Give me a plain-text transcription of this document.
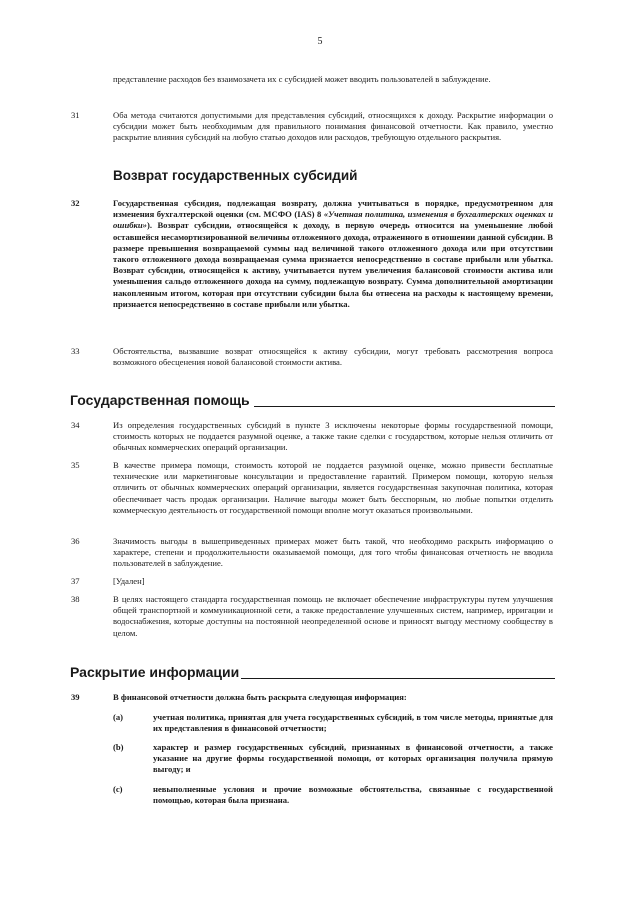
5
представление расходов без взаимозачета их с субсидией может вводить пользователей в заблуждение.
31	Оба метода считаются допустимыми для представления субсидий, относящихся к доходу. Раскрытие информации о субсидии может быть необходимым для правильного понимания финансовой отчетности. Как правило, уместно раскрытие влияния субсидий на любую статью доходов или расходов, требующую отдельного раскрытия.
Возврат государственных субсидий
32	Государственная субсидия, подлежащая возврату, должна учитываться в порядке, предусмотренном для изменения бухгалтерской оценки (см. МСФО (IAS) 8 «Учетная политика, изменения в бухгалтерских оценках и ошибки»). Возврат субсидии, относящейся к доходу, в первую очередь относится на уменьшение любой оставшейся несамортизированной величины отложенного дохода, отраженного в отношении данной субсидии. В размере превышения возвращаемой суммы над величиной такого отложенного дохода или при отсутствии такого отложенного дохода возвращаемая сумма признается непосредственно в составе прибыли или убытка. Возврат субсидии, относящейся к активу, учитывается путем увеличения балансовой стоимости актива или уменьшения сальдо отложенного дохода на сумму, подлежащую возврату. Сумма дополнительной амортизации накопленным итогом, которая при отсутствии субсидии была бы отнесена на расходы к настоящему времени, признается непосредственно в составе прибыли или убытка.
33	Обстоятельства, вызвавшие возврат относящейся к активу субсидии, могут требовать рассмотрения вопроса возможного обесценения новой балансовой стоимости актива.
Государственная помощь
34	Из определения государственных субсидий в пункте 3 исключены некоторые формы государственной помощи, стоимость которых не поддается разумной оценке, а также такие сделки с государством, которые нельзя отличить от обычных коммерческих операций организации.
35	В качестве примера помощи, стоимость которой не поддается разумной оценке, можно привести бесплатные технические или маркетинговые консультации и предоставление гарантий. Примером помощи, которую нельзя отличить от обычных коммерческих операций организации, является государственная закупочная политика, которая обеспечивает часть продаж организации. Наличие выгоды может быть бесспорным, но любые попытки отделить коммерческую деятельность от государственной помощи вполне могут оказаться произвольными.
36	Значимость выгоды в вышеприведенных примерах может быть такой, что необходимо раскрыть информацию о характере, степени и продолжительности оказываемой помощи, для того чтобы финансовая отчетность не вводила пользователей в заблуждение.
37	[Удален]
38	В целях настоящего стандарта государственная помощь не включает обеспечение инфраструктуры путем улучшения общей транспортной и коммуникационной сети, а также предоставление улучшенных систем, например, ирригации и водоснабжения, которые доступны на постоянной неопределенной основе и приносят выгоду местному сообществу в целом.
Раскрытие информации
39	В финансовой отчетности должна быть раскрыта следующая информация:
(a)	учетная политика, принятая для учета государственных субсидий, в том числе методы, принятые для их представления в финансовой отчетности;
(b)	характер и размер государственных субсидий, признанных в финансовой отчетности, а также указание на другие формы государственной помощи, от которых организация получила прямую выгоду; и
(c)	невыполненные условия и прочие возможные обстоятельства, связанные с государственной помощью, которая была признана.
